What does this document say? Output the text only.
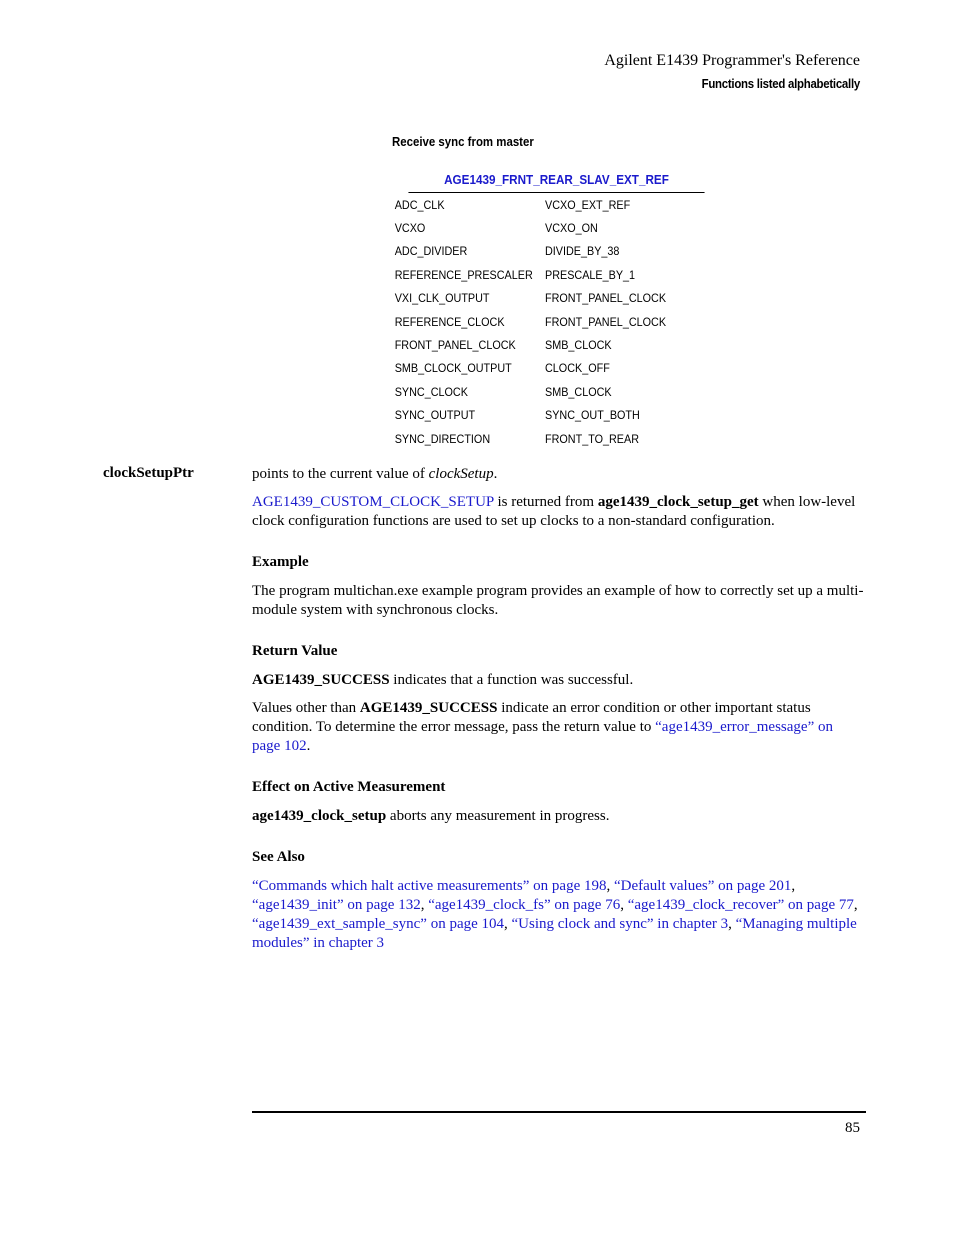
Agilent E1439 Programmer's Reference
Functions listed alphabetically
Receive sync from master
AGE1439_FRNT_REAR_SLAV_EXT_REF
ADC_CLK	VCXO_EXT_REF
VCXO	VCXO_ON
ADC_DIVIDER	DIVIDE_BY_38
REFERENCE_PRESCALER PRESCALE_BY_1
VXI_CLK_OUTPUT	FRONT_PANEL_CLOCK
REFERENCE_CLOCK	FRONT_PANEL_CLOCK
FRONT_PANEL_CLOCK	SMB_CLOCK
SMB_CLOCK_OUTPUT	CLOCK_OFF
SYNC_CLOCK	SMB_CLOCK
SYNC_OUTPUT	SYNC_OUT_BOTH
SYNC_DIRECTION	FRONT_TO_REAR
clockSetupPtr	points to the current value of clockSetup.

AGE1439_CUSTOM_CLOCK_SETUP is returned from age1439_clock_setup_get when low-level clock configuration functions are used to set up clocks to a non-standard configuration.

Example

The program multichan.exe example program provides an example of how to correctly set up a multi-module system with synchronous clocks.

Return Value

AGE1439_SUCCESS indicates that a function was successful.

Values other than AGE1439_SUCCESS indicate an error condition or other important status condition. To determine the error message, pass the return value to “age1439_error_message” on page 102.

Effect on Active Measurement

age1439_clock_setup aborts any measurement in progress.

See Also

“Commands which halt active measurements” on page 198, “Default values” on page 201, “age1439_init” on page 132, “age1439_clock_fs” on page 76, “age1439_clock_recover” on page 77, “age1439_ext_sample_sync” on page 104, “Using clock and sync” in chapter 3, “Managing multiple modules” in chapter 3

85
